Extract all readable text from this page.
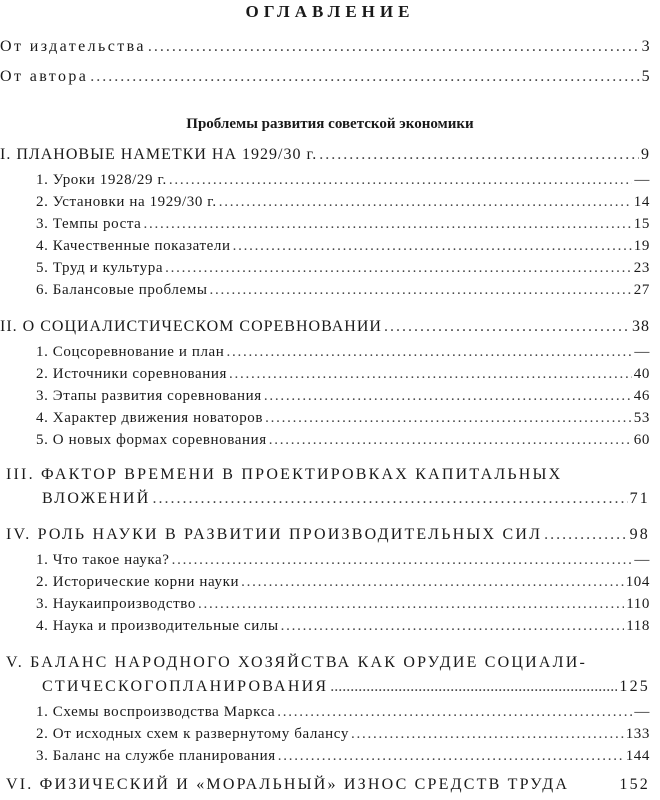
ОГЛАВЛЕНИЕ
От издательства . . .	3
От автора . . .	5
Проблемы развития советской экономики
I. ПЛАНОВЫЕ НАМЕТКИ НА 1929/30 г. . . .	9
1. Уроки 1928/29 г. . . .	—
2. Установки на 1929/30 г. . . .	14
3. Темпы роста . . .	15
4. Качественные показатели . . .	19
5. Труд и культура . . .	23
6. Балансовые проблемы . . .	27
II. О СОЦИАЛИСТИЧЕСКОМ СОРЕВНОВАНИИ . . .	38
1. Соцсоревнование и план . . .	—
2. Источники соревнования . . .	40
3. Этапы развития соревнования . . .	46
4. Характер движения новаторов . . .	53
5. О новых формах соревнования . . .	60
III. ФАКТОР ВРЕМЕНИ В ПРОЕКТИРОВКАХ КАПИТАЛЬНЫХ
ВЛОЖЕНИЙ . . .	71
IV. РОЛЬ НАУКИ В РАЗВИТИИ ПРОИЗВОДИТЕЛЬНЫХ СИЛ . . .	98
1. Что такое наука? . . .	—
2. Исторические корни науки . . .	104
3. Наукаипроизводство . . .	110
4. Наука и производительные силы . . .	118
V. БАЛАНС НАРОДНОГО ХОЗЯЙСТВА КАК ОРУДИЕ СОЦИАЛИ-
СТИЧЕСКОГОПЛАНИРОВАНИЯ .....	125
1. Схемы воспроизводства Маркса . . .	—
2. От исходных схем к развернутому балансу . . .	133
3. Баланс на службе планирования . . .	144
VI. ФИЗИЧЕСКИЙ И «МОРАЛЬНЫЙ» ИЗНОС СРЕДСТВ ТРУДА	152
